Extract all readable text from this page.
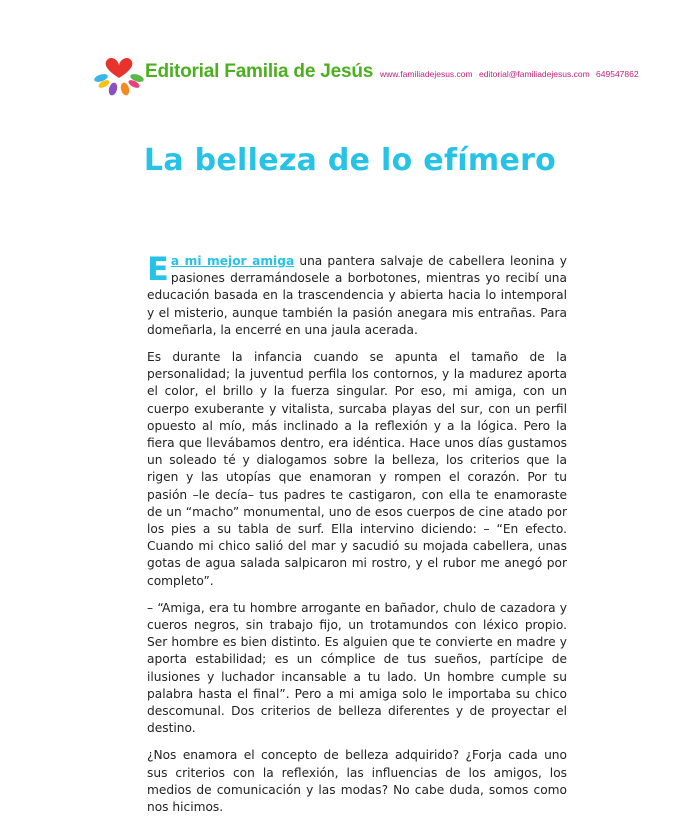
Editorial Familia de Jesús www.familiadejesus.com editorial@familiadejesus.com 649547862
La belleza de lo efímero

Ea mi mejor amiga una pantera salvaje de cabellera leonina y pasiones derramándosele a borbotones, mientras yo recibí una educación basada en la trascendencia y abierta hacia lo intemporal y el misterio, aunque también la pasión anegara mis entrañas. Para domeñarla, la encerré en una jaula acerada.

Es durante la infancia cuando se apunta el tamaño de la personalidad; la juventud perfila los contornos, y la madurez aporta el color, el brillo y la fuerza singular. Por eso, mi amiga, con un cuerpo exuberante y vitalista, surcaba playas del sur, con un perfil opuesto al mío, más inclinado a la reflexión y a la lógica. Pero la fiera que llevábamos dentro, era idéntica. Hace unos días gustamos un soleado té y dialogamos sobre la belleza, los criterios que la rigen y las utopías que enamoran y rompen el corazón. Por tu pasión –le decía– tus padres te castigaron, con ella te enamoraste de un “macho” monumental, uno de esos cuerpos de cine atado por los pies a su tabla de surf. Ella intervino diciendo: – “En efecto. Cuando mi chico salió del mar y sacudió su mojada cabellera, unas gotas de agua salada salpicaron mi rostro, y el rubor me anegó por completo”.

– “Amiga, era tu hombre arrogante en bañador, chulo de cazadora y cueros negros, sin trabajo fijo, un trotamundos con léxico propio. Ser hombre es bien distinto. Es alguien que te convierte en madre y aporta estabilidad; es un cómplice de tus sueños, partícipe de ilusiones y luchador incansable a tu lado. Un hombre cumple su palabra hasta el final”. Pero a mi amiga solo le importaba su chico descomunal. Dos criterios de belleza diferentes y de proyectar el destino.

¿Nos enamora el concepto de belleza adquirido? ¿Forja cada uno sus criterios con la reflexión, las influencias de los amigos, los medios de comunicación y las modas? No cabe duda, somos como nos hicimos.
